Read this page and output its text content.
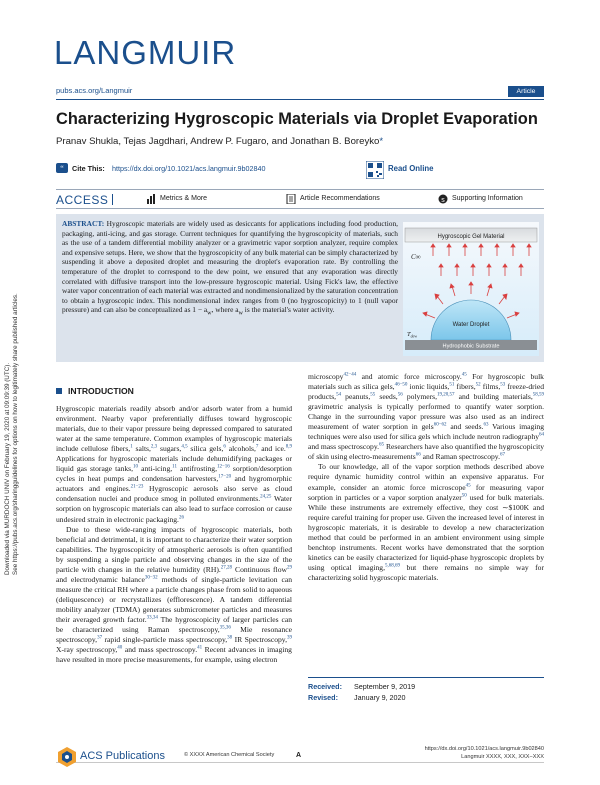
Downloaded via MURDOCH UNIV on February 19, 2020 at 09:09:39 (UTC). See https://pubs.acs.org/sharingguidelines for options on how to legitimately share published articles.
LANGMUIR
pubs.acs.org/Langmuir	Article
Characterizing Hygroscopic Materials via Droplet Evaporation
Pranav Shukla, Tejas Jagdhari, Andrew P. Fugaro, and Jonathan B. Boreyko*
“ Cite This: https://dx.doi.org/10.1021/acs.langmuir.9b02840	Read Online
ACCESS	Metrics & More	Article Recommendations	s Supporting Information
ABSTRACT: Hygroscopic materials are widely used as desiccants for applications including food production, packaging, anti-icing, and gas storage. Current techniques for quantifying the hygroscopicity of materials, such as the use of a tandem differential mobility analyzer or a gravimetric vapor sorption analyzer, require complex and expensive setups. Here, we show that the hygroscopicity of any bulk material can be simply characterized by suspending it above a deposited droplet and measuring the droplet's evaporation rate. By controlling the temperature of the droplet to correspond to the dew point, we ensured that any evaporation was directly correlated with diffusive transport into the low-pressure hygroscopic material. Using Fick's law, the effective water vapor concentration of each material was extracted and nondimensionalized by the saturation concentration to obtain a hygroscopic index. This nondimensional index ranges from 0 (no hygroscopicity) to 1 (null vapor pressure) and can also be conceptualized as $1 - a_w$, where $a_w$ is the material's water activity.
Hygroscopic Gel Material
C∞
Water Droplet
$T_{dew}$
Hydrophobic Substrate
INTRODUCTION

Hygroscopic materials readily absorb and/or adsorb water from a humid environment. Nearby vapor preferentially diffuses toward hygroscopic materials, due to their vapor pressure being depressed compared to saturated water at the same temperature. Common examples of hygroscopic materials include cellulose fibers,$^1$ salts,$^{2,3}$ sugars,$^{4,5}$ silica gels,$^6$ alcohols,$^7$ and ice.$^{8,9}$ Applications for hygroscopic materials include dehumidifying packages or liquid gas storage tanks,$^{10}$ anti-icing,$^{11}$ antifrosting,$^{12-16}$ sorption/desorption cycles in heat pumps and condensation harvesters,$^{17-20}$ and hygromorphic actuators and engines.$^{21-23}$ Hygroscopic aerosols also serve as cloud condensation nuclei and produce smog in polluted environments.$^{24,25}$ Water sorption on hygroscopic materials can also lead to surface corrosion or cause undesired strain in electronic packaging.$^{26}$

Due to these wide-ranging impacts of hygroscopic materials, both beneficial and detrimental, it is important to characterize their water sorption capabilities. The hygroscopicity of atmospheric aerosols is often quantified by suspending a single particle and observing changes in the size of the particle with changes in the relative humidity (RH).$^{27,28}$ Continuous flow$^{29}$ and electrodynamic balance$^{30-32}$ methods of single-particle levitation can measure the critical RH where a particle changes phase from solid to aqueous (deliquescence) or recrystallizes (efflorescence). A tandem differential mobility analyzer (TDMA) generates submicrometer particles and measures their averaged growth factor.$^{33,34}$ The hygroscopicity of larger particles can be characterized using Raman spectroscopy,$^{35,36}$ Mie resonance spectroscopy,$^{37}$ rapid single-particle mass spectroscopy,$^{38}$ IR Spectroscopy,$^{39}$ X-ray spectroscopy,$^{40}$ and mass spectroscopy.$^{41}$ Recent advances in imaging have resulted in more precise measurements, for example, using electron

microscopy$^{42-44}$ and atomic force microscopy.$^{45}$ For hygroscopic bulk materials such as silica gels,$^{46-50}$ ionic liquids,$^{51}$ fibers,$^{52}$ films,$^{53}$ freeze-dried products,$^{54}$ peanuts,$^{55}$ seeds,$^{56}$ polymers,$^{19,20,57}$ and building materials,$^{58,59}$ gravimetric analysis is typically performed to quantify water sorption. Change in the surrounding vapor pressure was also used as an indirect measurement of water sorption in gels$^{60-62}$ and seeds.$^{63}$ Various imaging techniques were also used for silica gels which include neutron radiography$^{64}$ and mass spectroscopy.$^{65}$ Researchers have also quantified the hygroscopicity of skin using electro-measurements$^{66}$ and Raman spectroscopy.$^{67}$

To our knowledge, all of the vapor sorption methods described above require dynamic humidity control within an expensive apparatus. For example, consider an atomic force microscope$^{45}$ for measuring vapor sorption in particles or a vapor sorption analyzer$^{50}$ used for bulk materials. While these instruments are extremely effective, they cost ∼$100K and require careful training for proper use. Given the increased level of interest in hygroscopic materials, it is desirable to develop a new characterization method that could be performed in an ambient environment using simple benchtop instruments. Recent works have demonstrated that the sorption kinetics can be easily characterized for liquid-phase hygroscopic droplets by using optical imaging,$^{5,68,69}$ but there remains no simple way for characterizing solid hygroscopic materials.

Received: September 9, 2019
Revised: January 9, 2020
ACS Publications	© XXXX American Chemical Society	A
https://dx.doi.org/10.1021/acs.langmuir.9b02840
Langmuir XXXX, XXX, XXX−XXX
